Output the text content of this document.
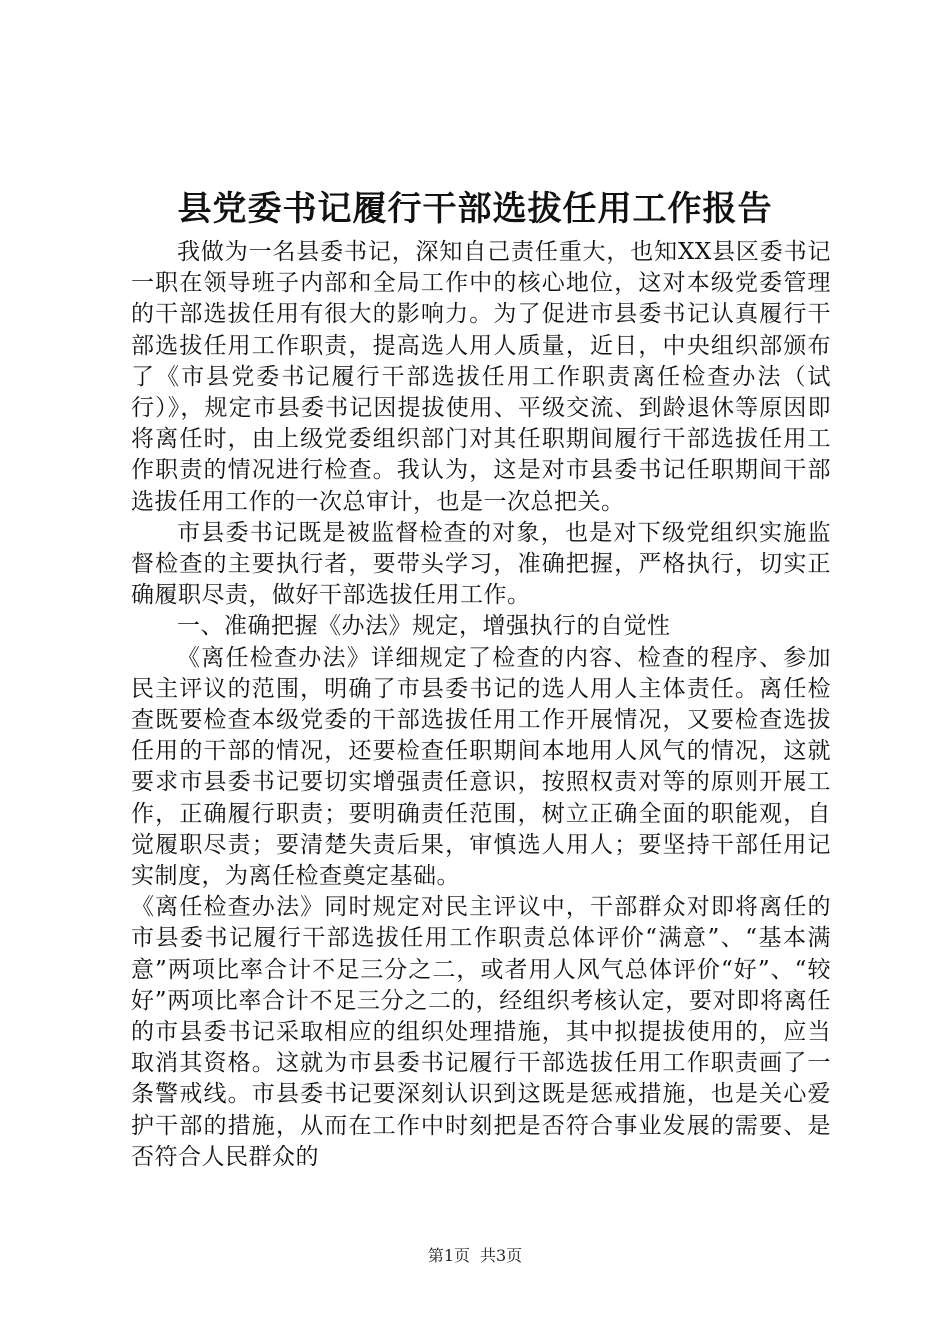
县党委书记履行干部选拔任用工作报告

我做为一名县委书记，深知自己责任重大，也知XX县区委书记一职在领导班子内部和全局工作中的核心地位，这对本级党委管理的干部选拔任用有很大的影响力。为了促进市县委书记认真履行干部选拔任用工作职责，提高选人用人质量，近日，中央组织部颁布了《市县党委书记履行干部选拔任用工作职责离任检查办法（试行）》，规定市县委书记因提拔使用、平级交流、到龄退休等原因即将离任时，由上级党委组织部门对其任职期间履行干部选拔任用工作职责的情况进行检查。我认为，这是对市县委书记任职期间干部选拔任用工作的一次总审计，也是一次总把关。

市县委书记既是被监督检查的对象，也是对下级党组织实施监督检查的主要执行者，要带头学习，准确把握，严格执行，切实正确履职尽责，做好干部选拔任用工作。

一、准确把握《办法》规定，增强执行的自觉性

《离任检查办法》详细规定了检查的内容、检查的程序、参加民主评议的范围，明确了市县委书记的选人用人主体责任。离任检查既要检查本级党委的干部选拔任用工作开展情况，又要检查选拔任用的干部的情况，还要检查任职期间本地用人风气的情况，这就要求市县委书记要切实增强责任意识，按照权责对等的原则开展工作，正确履行职责；要明确责任范围，树立正确全面的职能观，自觉履职尽责；要清楚失责后果，审慎选人用人；要坚持干部任用记实制度，为离任检查奠定基础。

《离任检查办法》同时规定对民主评议中，干部群众对即将离任的市县委书记履行干部选拔任用工作职责总体评价“满意”、“基本满意”两项比率合计不足三分之二，或者用人风气总体评价“好”、“较好”两项比率合计不足三分之二的，经组织考核认定，要对即将离任的市县委书记采取相应的组织处理措施，其中拟提拔使用的，应当取消其资格。这就为市县委书记履行干部选拔任用工作职责画了一条警戒线。市县委书记要深刻认识到这既是惩戒措施，也是关心爱护干部的措施，从而在工作中时刻把是否符合事业发展的需要、是否符合人民群众的

第1页 共3页
